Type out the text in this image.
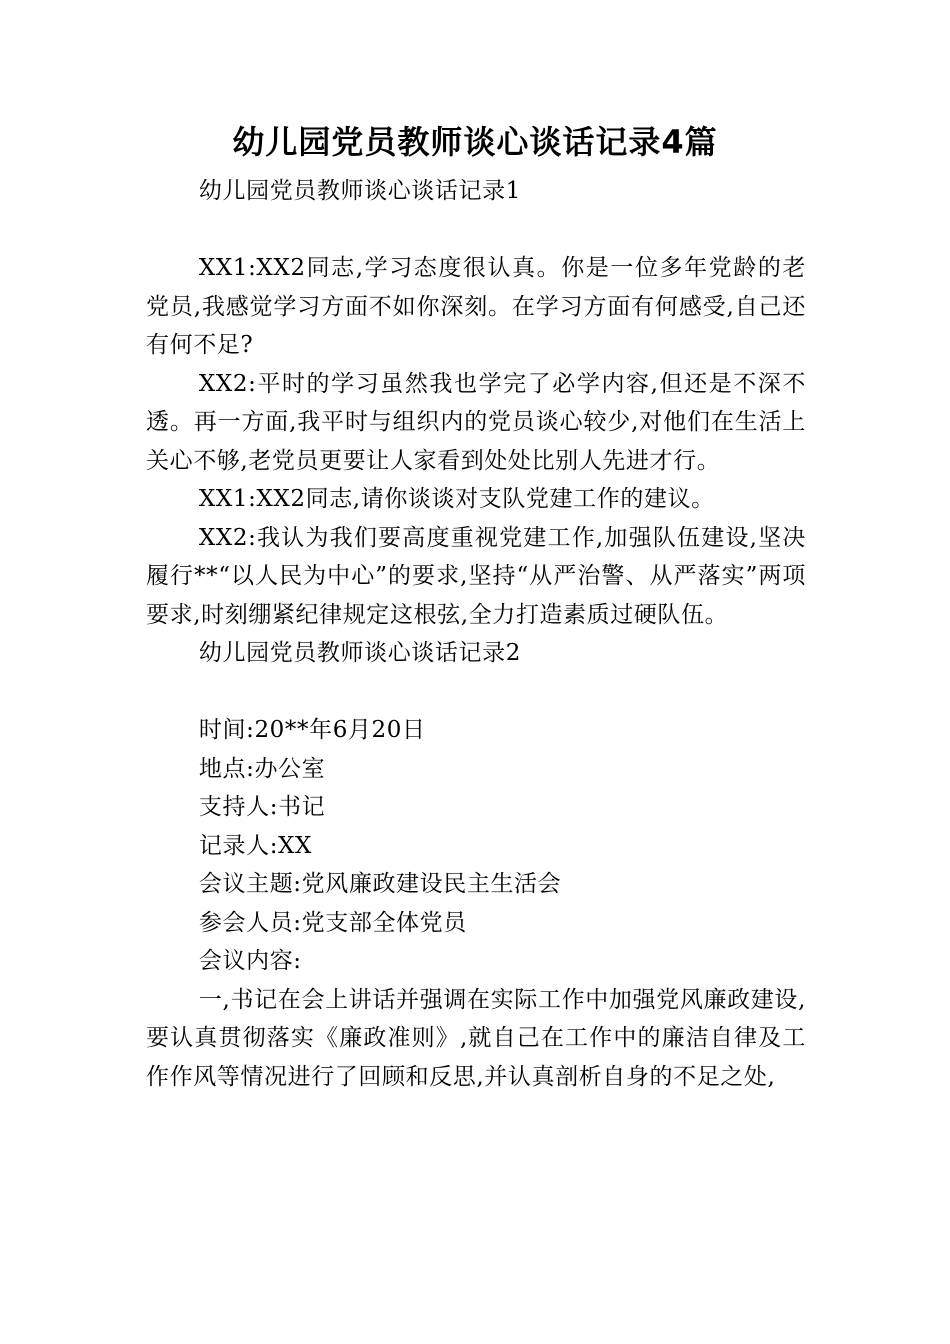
幼儿园党员教师谈心谈话记录4篇

幼儿园党员教师谈心谈话记录1

XX1:XX2同志,学习态度很认真。你是一位多年党龄的老党员,我感觉学习方面不如你深刻。在学习方面有何感受,自己还有何不足?

XX2:平时的学习虽然我也学完了必学内容,但还是不深不透。再一方面,我平时与组织内的党员谈心较少,对他们在生活上关心不够,老党员更要让人家看到处处比别人先进才行。

XX1:XX2同志,请你谈谈对支队党建工作的建议。

XX2:我认为我们要高度重视党建工作,加强队伍建设,坚决履行**“以人民为中心”的要求,坚持“从严治警、从严落实”两项要求,时刻绷紧纪律规定这根弦,全力打造素质过硬队伍。

幼儿园党员教师谈心谈话记录2

时间:20**年6月20日

地点:办公室

支持人:书记

记录人:XX

会议主题:党风廉政建设民主生活会

参会人员:党支部全体党员

会议内容:

一,书记在会上讲话并强调在实际工作中加强党风廉政建设,要认真贯彻落实《廉政准则》,就自己在工作中的廉洁自律及工作作风等情况进行了回顾和反思,并认真剖析自身的不足之处,
